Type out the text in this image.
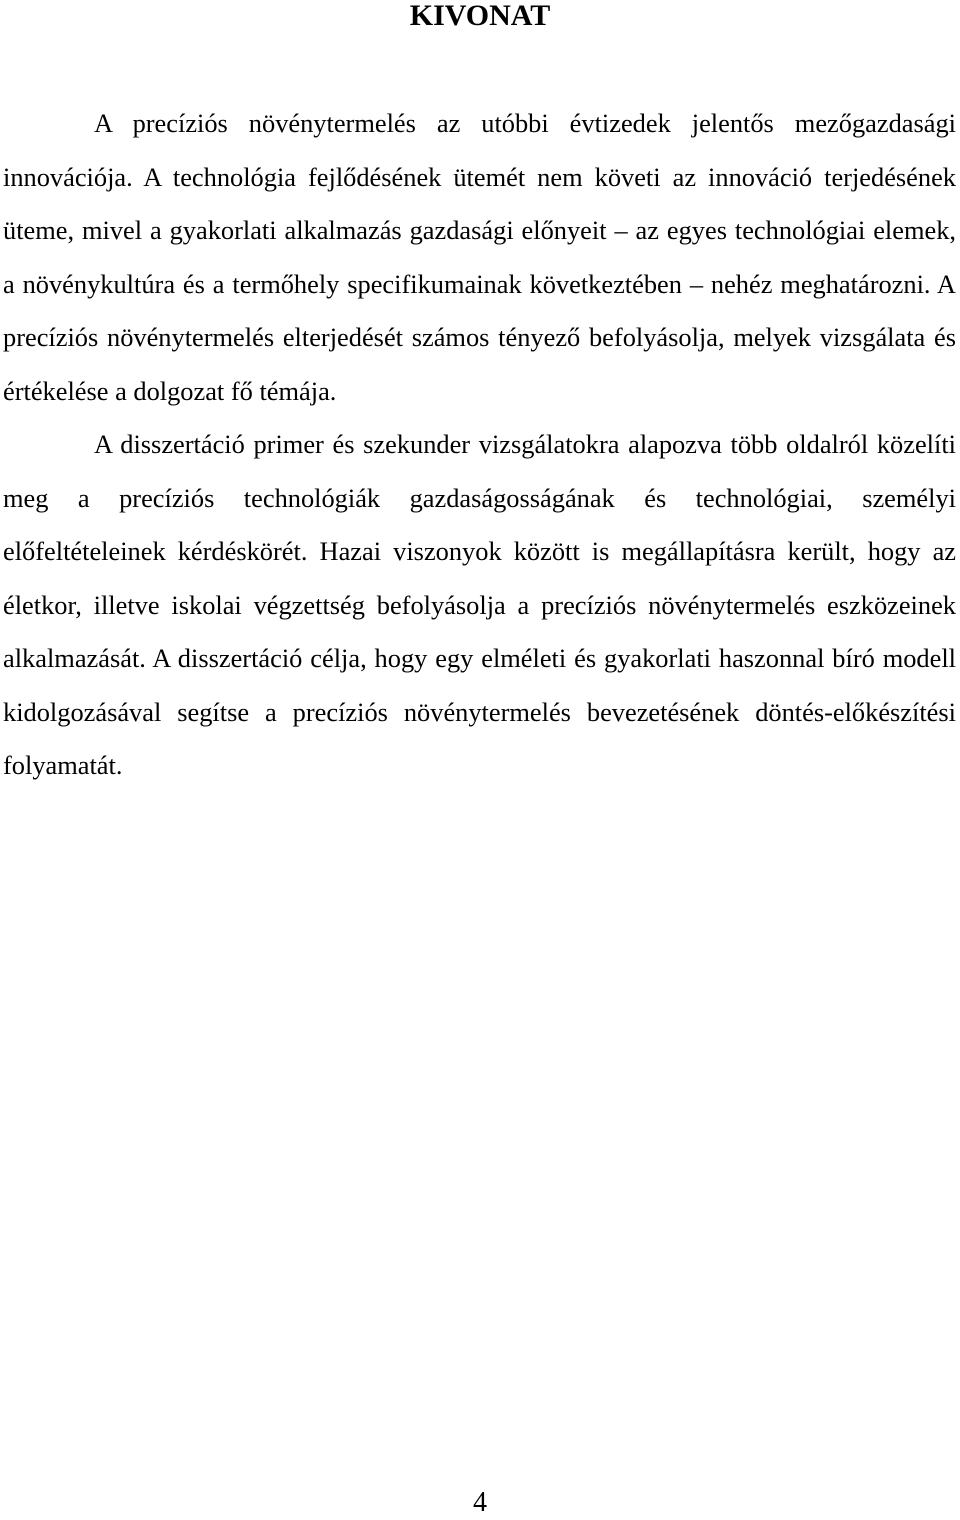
KIVONAT

A precíziós növénytermelés az utóbbi évtizedek jelentős mezőgazdasági innovációja. A technológia fejlődésének ütemét nem követi az innováció terjedésének üteme, mivel a gyakorlati alkalmazás gazdasági előnyeit – az egyes technológiai elemek, a növénykultúra és a termőhely specifikumainak következtében – nehéz meghatározni. A precíziós növénytermelés elterjedését számos tényező befolyásolja, melyek vizsgálata és értékelése a dolgozat fő témája.

A disszertáció primer és szekunder vizsgálatokra alapozva több oldalról közelíti meg a precíziós technológiák gazdaságosságának és technológiai, személyi előfeltételeinek kérdéskörét. Hazai viszonyok között is megállapításra került, hogy az életkor, illetve iskolai végzettség befolyásolja a precíziós növénytermelés eszközeinek alkalmazását. A disszertáció célja, hogy egy elméleti és gyakorlati haszonnal bíró modell kidolgozásával segítse a precíziós növénytermelés bevezetésének döntés-előkészítési folyamatát.

4
